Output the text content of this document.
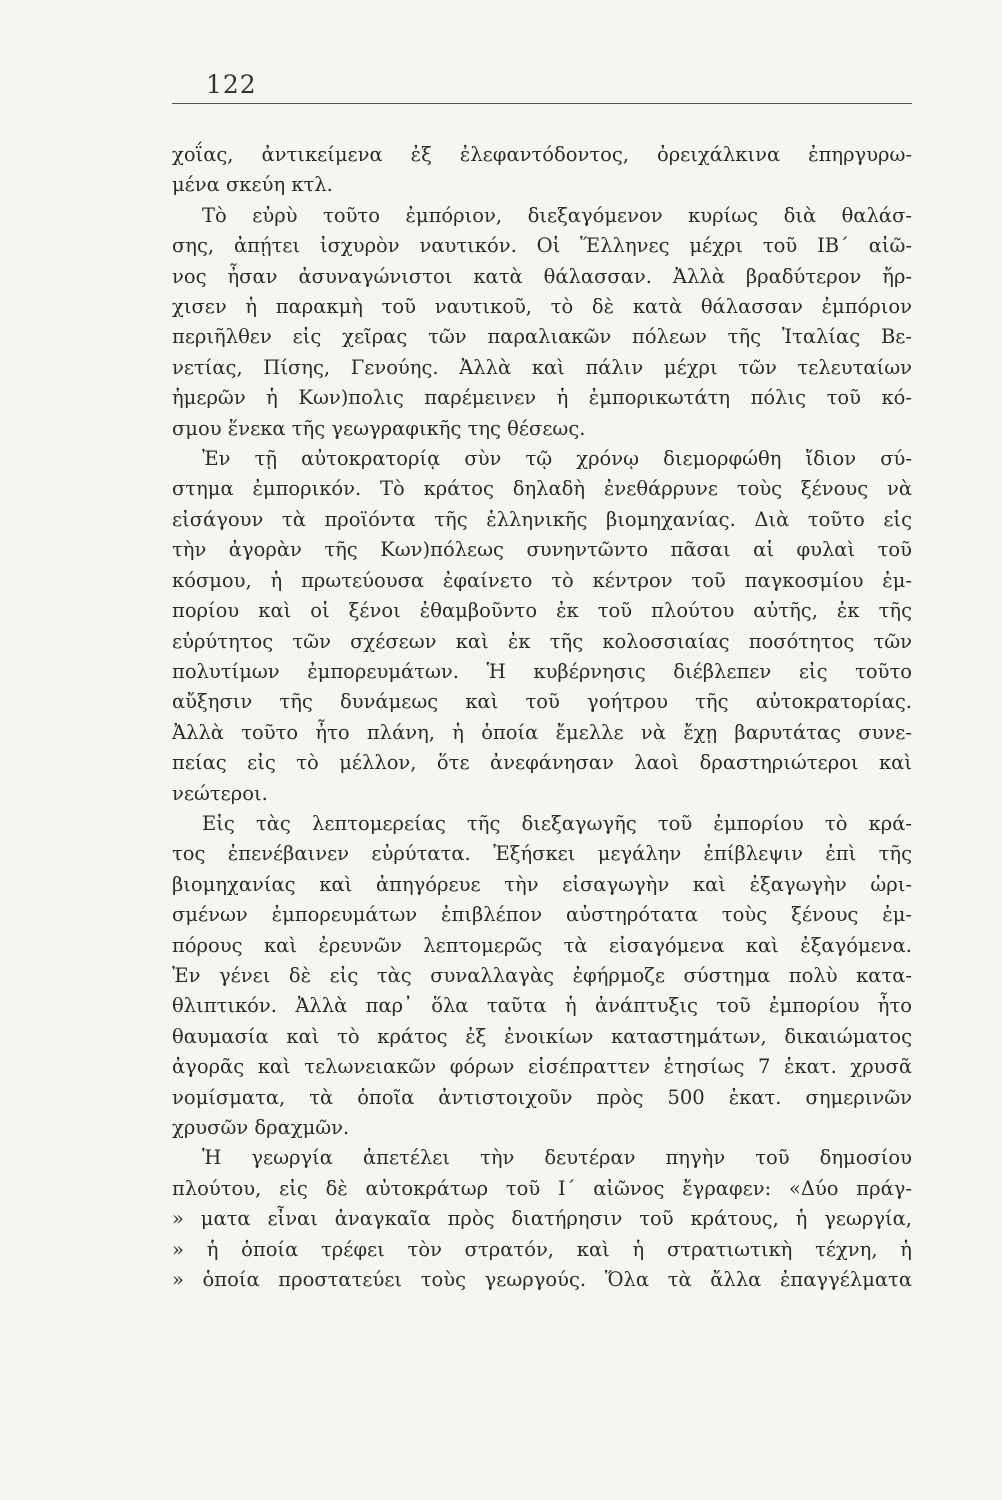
122

χοΐας, ἀντικείμενα ἐξ ἐλεφαντόδοντος, ὀρειχάλκινα ἐπηργυρω-
μένα σκεύη κτλ.

Τὸ εὐρὺ τοῦτο ἐμπόριον, διεξαγόμενον κυρίως διὰ θαλάσ-
σης, ἀπῄτει ἰσχυρὸν ναυτικόν. Οἱ Ἕλληνες μέχρι τοῦ ΙΒ΄ αἰῶ-
νος ἦσαν ἀσυναγώνιστοι κατὰ θάλασσαν. Ἀλλὰ βραδύτερον ἤρ-
χισεν ἡ παρακμὴ τοῦ ναυτικοῦ, τὸ δὲ κατὰ θάλασσαν ἐμπόριον
περιῆλθεν εἰς χεῖρας τῶν παραλιακῶν πόλεων τῆς Ἰταλίας Βε-
νετίας, Πίσης, Γενούης. Ἀλλὰ καὶ πάλιν μέχρι τῶν τελευταίων
ἡμερῶν ἡ Κων)πολις παρέμεινεν ἡ ἐμπορικωτάτη πόλις τοῦ κό-
σμου ἕνεκα τῆς γεωγραφικῆς της θέσεως.

Ἐν τῇ αὐτοκρατορίᾳ σὺν τῷ χρόνῳ διεμορφώθη ἴδιον σύ-
στημα ἐμπορικόν. Τὸ κράτος δηλαδὴ ἐνεθάρρυνε τοὺς ξένους νὰ
εἰσάγουν τὰ προϊόντα τῆς ἑλληνικῆς βιομηχανίας. Διὰ τοῦτο εἰς
τὴν ἀγορὰν τῆς Κων)πόλεως συνηντῶντο πᾶσαι αἱ φυλαὶ τοῦ
κόσμου, ἡ πρωτεύουσα ἐφαίνετο τὸ κέντρον τοῦ παγκοσμίου ἐμ-
πορίου καὶ οἱ ξένοι ἐθαμβοῦντο ἐκ τοῦ πλούτου αὐτῆς, ἐκ τῆς
εὐρύτητος τῶν σχέσεων καὶ ἐκ τῆς κολοσσιαίας ποσότητος τῶν
πολυτίμων ἐμπορευμάτων. Ἡ κυβέρνησις διέβλεπεν εἰς τοῦτο
αὔξησιν τῆς δυνάμεως καὶ τοῦ γοήτρου τῆς αὐτοκρατορίας.
Ἀλλὰ τοῦτο ἦτο πλάνη, ἡ ὁποία ἔμελλε νὰ ἔχῃ βαρυτάτας συνε-
πείας εἰς τὸ μέλλον, ὅτε ἀνεφάνησαν λαοὶ δραστηριώτεροι καὶ
νεώτεροι.

Εἰς τὰς λεπτομερείας τῆς διεξαγωγῆς τοῦ ἐμπορίου τὸ κρά-
τος ἐπενέβαινεν εὐρύτατα. Ἐξήσκει μεγάλην ἐπίβλεψιν ἐπὶ τῆς
βιομηχανίας καὶ ἀπηγόρευε τὴν εἰσαγωγὴν καὶ ἐξαγωγὴν ὡρι-
σμένων ἐμπορευμάτων ἐπιβλέπον αὐστηρότατα τοὺς ξένους ἐμ-
πόρους καὶ ἐρευνῶν λεπτομερῶς τὰ εἰσαγόμενα καὶ ἐξαγόμενα.
Ἐν γένει δὲ εἰς τὰς συναλλαγὰς ἐφήρμοζε σύστημα πολὺ κατα-
θλιπτικόν. Ἀλλὰ παρ᾿ ὅλα ταῦτα ἡ ἀνάπτυξις τοῦ ἐμπορίου ἦτο
θαυμασία καὶ τὸ κράτος ἐξ ἐνοικίων καταστημάτων, δικαιώματος
ἀγορᾶς καὶ τελωνειακῶν φόρων εἰσέπραττεν ἐτησίως 7 ἑκατ. χρυσᾶ
νομίσματα, τὰ ὁποῖα ἀντιστοιχοῦν πρὸς 500 ἑκατ. σημερινῶν
χρυσῶν δραχμῶν.

Ἡ γεωργία ἀπετέλει τὴν δευτέραν πηγὴν τοῦ δημοσίου
πλούτου, εἰς δὲ αὐτοκράτωρ τοῦ Ι΄ αἰῶνος ἔγραφεν: «Δύο πράγ-
» ματα εἶναι ἀναγκαῖα πρὸς διατήρησιν τοῦ κράτους, ἡ γεωργία,
» ἡ ὁποία τρέφει τὸν στρατόν, καὶ ἡ στρατιωτικὴ τέχνη, ἡ
» ὁποία προστατεύει τοὺς γεωργούς. Ὅλα τὰ ἄλλα ἐπαγγέλματα
